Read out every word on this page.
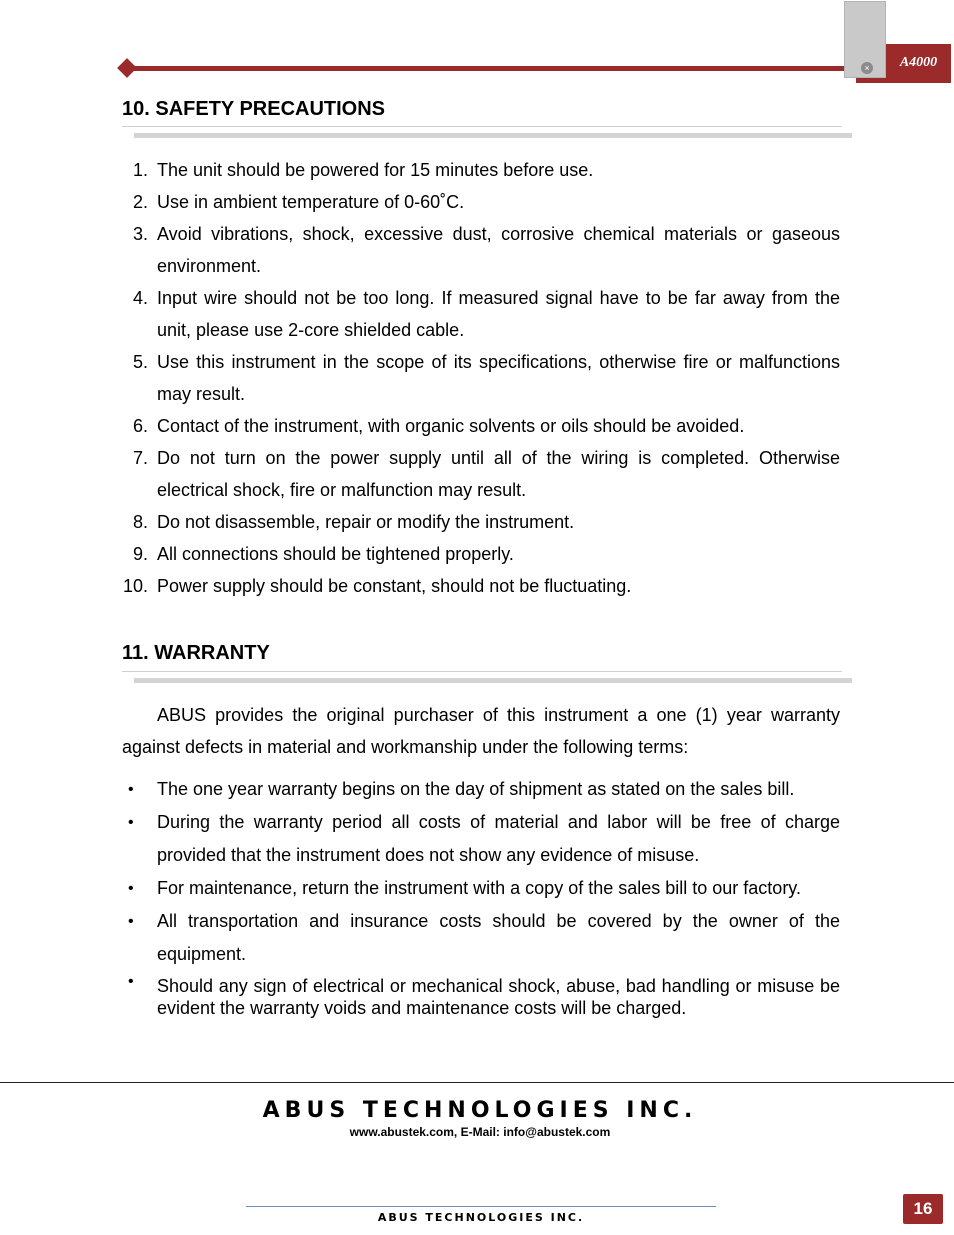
×	A4000
10. SAFETY PRECAUTIONS
1. The unit should be powered for 15 minutes before use.
2. Use in ambient temperature of 0-60˚C.
3. Avoid vibrations, shock, excessive dust, corrosive chemical materials or gaseous environment.
4. Input wire should not be too long. If measured signal have to be far away from the unit, please use 2-core shielded cable.
5. Use this instrument in the scope of its specifications, otherwise fire or malfunctions may result.
6. Contact of the instrument, with organic solvents or oils should be avoided.
7. Do not turn on the power supply until all of the wiring is completed. Otherwise electrical shock, fire or malfunction may result.
8. Do not disassemble, repair or modify the instrument.
9. All connections should be tightened properly.
10. Power supply should be constant, should not be fluctuating.
11. WARRANTY

ABUS provides the original purchaser of this instrument a one (1) year warranty against defects in material and workmanship under the following terms:

• The one year warranty begins on the day of shipment as stated on the sales bill.
• During the warranty period all costs of material and labor will be free of charge provided that the instrument does not show any evidence of misuse.
• For maintenance, return the instrument with a copy of the sales bill to our factory.
• All transportation and insurance costs should be covered by the owner of the equipment.
• Should any sign of electrical or mechanical shock, abuse, bad handling or misuse be evident the warranty voids and maintenance costs will be charged.
ABUS TECHNOLOGIES INC.
www.abustek.com, E-Mail: info@abustek.com
ABUS TECHNOLOGIES INC.	16
